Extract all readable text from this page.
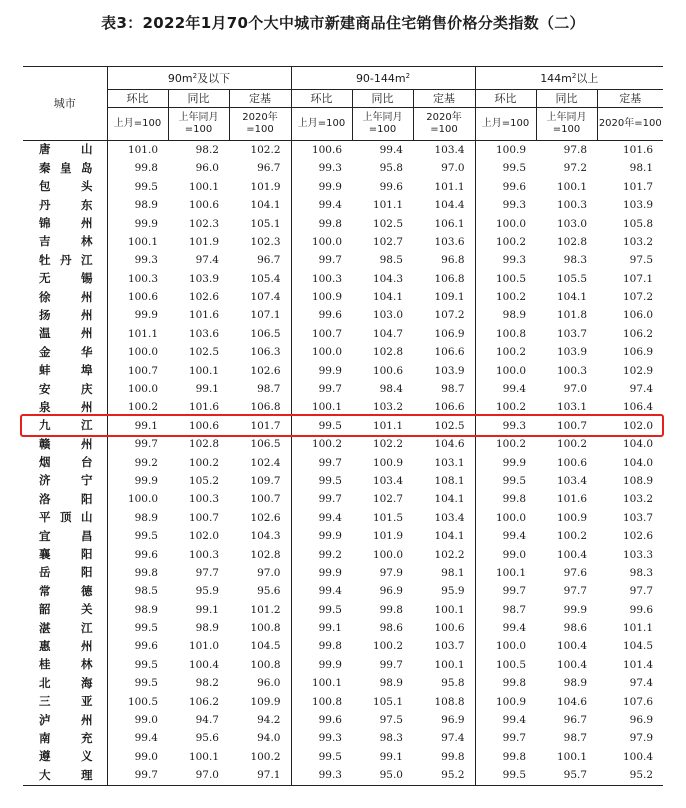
表3：2022年1月70个大中城市新建商品住宅销售价格分类指数（二）
城市	$90m^2$及以下			$90-144m^2$			$144m^2$以上		
	环比	同比	定基	环比	同比	定基	环比	同比	定基
	上月=100	上年同月=100	2020年=100	上月=100	上年同月=100	2020年=100	上月=100	上年同月=100	2020年=100
唐山	101.0	98.2	102.2	100.6	99.4	103.4	100.9	97.8	101.6
秦皇岛	99.8	96.0	96.7	99.3	95.8	97.0	99.5	97.2	98.1
包头	99.5	100.1	101.9	99.9	99.6	101.1	99.6	100.1	101.7
丹东	98.9	100.6	104.1	99.4	101.1	104.4	99.3	100.3	103.9
锦州	99.9	102.3	105.1	99.8	102.5	106.1	100.0	103.0	105.8
吉林	100.1	101.9	102.3	100.0	102.7	103.6	100.2	102.8	103.2
牡丹江	99.3	97.4	96.7	99.7	98.5	96.8	99.3	98.3	97.5
无锡	100.3	103.9	105.4	100.3	104.3	106.8	100.5	105.5	107.1
徐州	100.6	102.6	107.4	100.9	104.1	109.1	100.2	104.1	107.2
扬州	99.9	101.6	107.1	99.6	103.0	107.2	98.9	101.8	106.0
温州	101.1	103.6	106.5	100.7	104.7	106.9	100.8	103.7	106.2
金华	100.0	102.5	106.3	100.0	102.8	106.6	100.2	103.9	106.9
蚌埠	100.7	100.1	102.6	99.9	100.6	103.9	100.0	100.3	102.9
安庆	100.0	99.1	98.7	99.7	98.4	98.7	99.4	97.0	97.4
泉州	100.2	101.6	106.8	100.1	103.2	106.6	100.2	103.1	106.4
九江	99.1	100.6	101.7	99.5	101.1	102.5	99.3	100.7	102.0
赣州	99.7	102.8	106.5	100.2	102.2	104.6	100.2	100.2	104.0
烟台	99.2	100.2	102.4	99.7	100.9	103.1	99.9	100.6	104.0
济宁	99.9	105.2	109.7	99.5	103.4	108.1	99.5	103.4	108.9
洛阳	100.0	100.3	100.7	99.7	102.7	104.1	99.8	101.6	103.2
平顶山	98.9	100.7	102.6	99.4	101.5	103.4	100.0	100.9	103.7
宜昌	99.5	102.0	104.3	99.9	101.9	104.1	99.4	100.2	102.6
襄阳	99.6	100.3	102.8	99.2	100.0	102.2	99.0	100.4	103.3
岳阳	99.8	97.7	97.0	99.9	97.9	98.1	100.1	97.6	98.3
常德	98.5	95.9	95.6	99.4	96.9	95.9	99.7	97.7	97.7
韶关	98.9	99.1	101.2	99.5	99.8	100.1	98.7	99.9	99.6
湛江	99.5	98.9	100.8	99.1	98.6	100.6	99.4	98.6	101.1
惠州	99.6	101.0	104.5	99.8	100.2	103.7	100.0	100.4	104.5
桂林	99.5	100.4	100.8	99.9	99.7	100.1	100.5	100.4	101.4
北海	99.5	98.2	96.0	100.1	98.9	95.8	99.8	98.9	97.4
三亚	100.5	106.2	109.9	100.8	105.1	108.8	100.9	104.6	107.6
泸州	99.0	94.7	94.2	99.6	97.5	96.9	99.4	96.7	96.9
南充	99.4	95.6	94.0	99.3	98.3	97.4	99.7	98.7	97.9
遵义	99.0	100.1	100.2	99.5	99.1	99.8	99.8	100.1	100.4
大理	99.7	97.0	97.1	99.3	95.0	95.2	99.5	95.7	95.2
